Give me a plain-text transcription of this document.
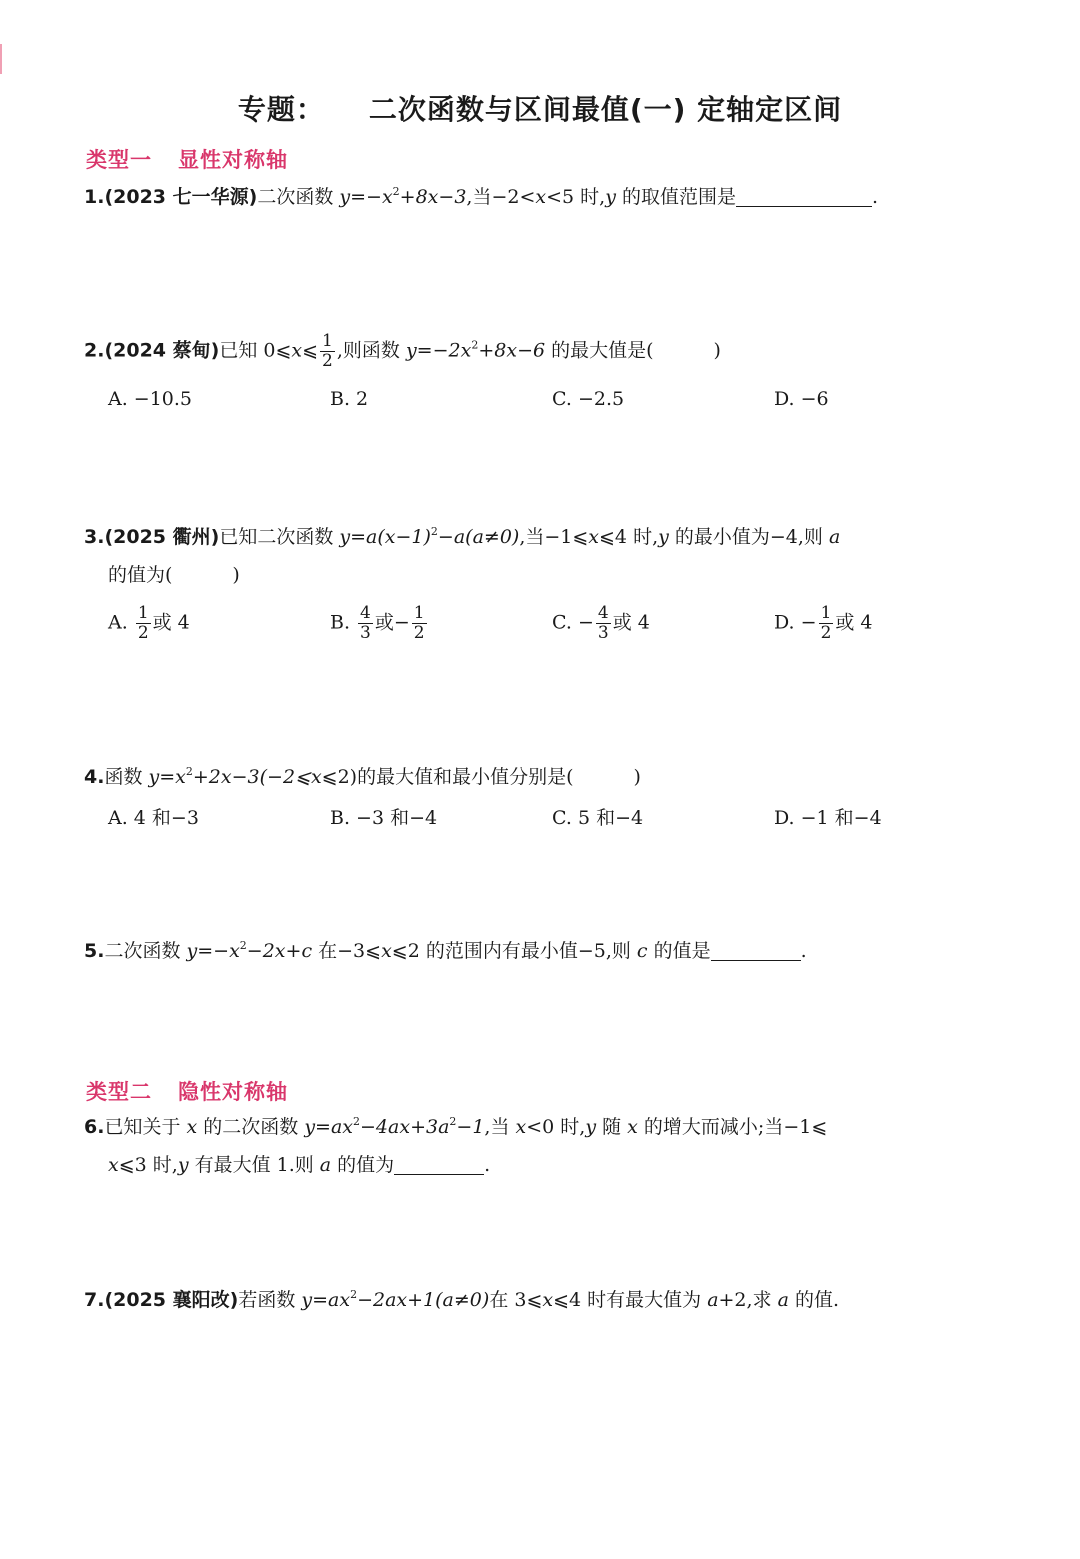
专题： 二次函数与区间最值(一) 定轴定区间
类型一 显性对称轴
1.(2023 七一华源)二次函数 $y=-x^2+8x-3$,当−2<x<5 时,y 的取值范围是	.
2.(2024 蔡甸)已知 0⩽x⩽ $\frac{1}{2}$ ,则函数 $y=-2x^2+8x-6$ 的最大值是(	)
A. −10.5	B. 2	C. −2.5	D. −6
3.(2025 衢州)已知二次函数 $y=a(x-1)^2-a(a\ne 0)$,当−1⩽x⩽4 时,y 的最小值为−4,则 a
的值为(	)
A. $\frac{1}{2}$ 或 4	B. $\frac{4}{3}$ 或− $\frac{1}{2}$	C. − $\frac{4}{3}$ 或 4	D. − $\frac{1}{2}$ 或 4
4.函数 $y=x^2+2x-3(-2⩽x⩽2)$的最大值和最小值分别是(	)
A. 4 和−3	B. −3 和−4	C. 5 和−4	D. −1 和−4
5.二次函数 $y=-x^2-2x+c$ 在−3⩽x⩽2 的范围内有最小值−5,则 c 的值是	.
类型二 隐性对称轴
6.已知关于 x 的二次函数 $y=ax^2-4ax+3a^2-1$,当 x<0 时,y 随 x 的增大而减小;当−1⩽
x⩽3 时,y 有最大值 1.则 a 的值为	.
7.(2025 襄阳改)若函数 $y=ax^2-2ax+1(a\ne 0)$在 3⩽x⩽4 时有最大值为 a+2,求 a 的值.
